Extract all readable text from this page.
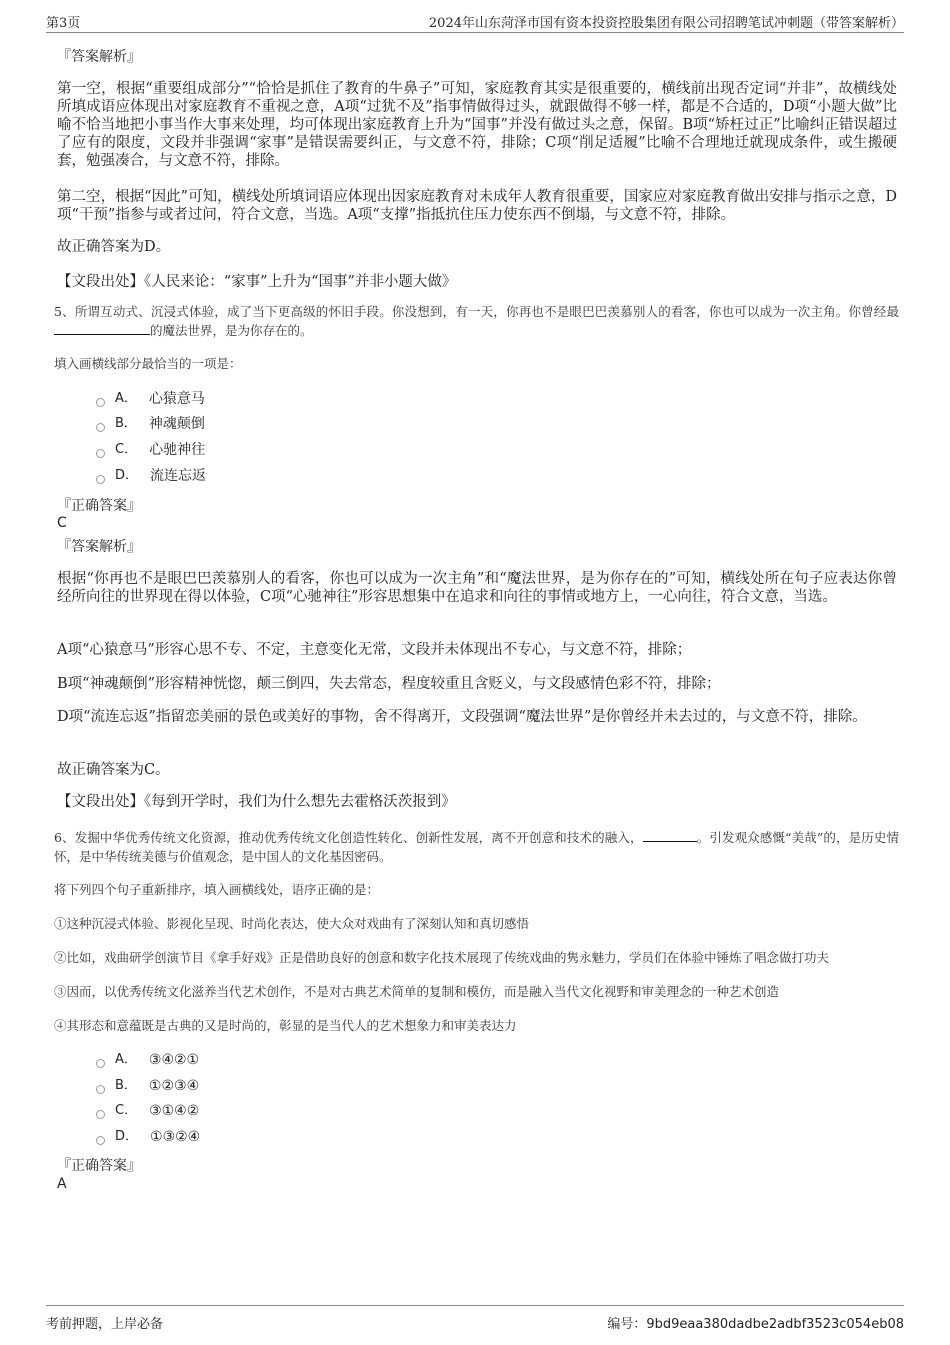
第3页	2024年山东菏泽市国有资本投资控股集团有限公司招聘笔试冲刺题（带答案解析）
『答案解析』
第一空，根据“重要组成部分”“恰恰是抓住了教育的牛鼻子”可知，家庭教育其实是很重要的，横线前出现否定词“并非”，故横线处所填成语应体现出对家庭教育不重视之意，A项“过犹不及”指事情做得过头，就跟做得不够一样，都是不合适的，D项“小题大做”比喻不恰当地把小事当作大事来处理，均可体现出家庭教育上升为“国事”并没有做过头之意，保留。B项“矫枉过正”比喻纠正错误超过了应有的限度，文段并非强调“家事”是错误需要纠正，与文意不符，排除；C项“削足适履”比喻不合理地迁就现成条件，或生搬硬套，勉强凑合，与文意不符，排除。
第二空，根据“因此”可知，横线处所填词语应体现出因家庭教育对未成年人教育很重要，国家应对家庭教育做出安排与指示之意，D项“干预”指参与或者过问，符合文意，当选。A项“支撑”指抵抗住压力使东西不倒塌，与文意不符，排除。
故正确答案为D。
【文段出处】《人民来论：“家事”上升为“国事”并非小题大做》
5、所谓互动式、沉浸式体验，成了当下更高级的怀旧手段。你没想到，有一天，你再也不是眼巴巴羡慕别人的看客，你也可以成为一次主角。你曾经最的魔法世界，是为你存在的。
填入画横线部分最恰当的一项是：
A． 心猿意马
B． 神魂颠倒
C． 心驰神往
D． 流连忘返
『正确答案』
C
『答案解析』
根据“你再也不是眼巴巴羡慕别人的看客，你也可以成为一次主角”和“魔法世界，是为你存在的”可知，横线处所在句子应表达你曾经所向往的世界现在得以体验，C项“心驰神往”形容思想集中在追求和向往的事情或地方上，一心向往，符合文意，当选。
A项“心猿意马”形容心思不专、不定，主意变化无常，文段并未体现出不专心，与文意不符，排除；
B项“神魂颠倒”形容精神恍惚，颠三倒四，失去常态，程度较重且含贬义，与文段感情色彩不符，排除；
D项“流连忘返”指留恋美丽的景色或美好的事物，舍不得离开，文段强调“魔法世界”是你曾经并未去过的，与文意不符，排除。
故正确答案为C。
【文段出处】《每到开学时，我们为什么想先去霍格沃茨报到》
6、发掘中华优秀传统文化资源，推动优秀传统文化创造性转化、创新性发展，离不开创意和技术的融入，	。引发观众感慨“美哉”的，是历史情怀，是中华传统美德与价值观念，是中国人的文化基因密码。
将下列四个句子重新排序，填入画横线处，语序正确的是：
①这种沉浸式体验、影视化呈现、时尚化表达，使大众对戏曲有了深刻认知和真切感悟
②比如，戏曲研学创演节目《拿手好戏》正是借助良好的创意和数字化技术展现了传统戏曲的隽永魅力，学员们在体验中锤炼了唱念做打功夫
③因而，以优秀传统文化滋养当代艺术创作，不是对古典艺术简单的复制和模仿，而是融入当代文化视野和审美理念的一种艺术创造
④其形态和意蕴既是古典的又是时尚的，彰显的是当代人的艺术想象力和审美表达力
A． ③④②①
B． ①②③④
C． ③①④②
D． ①③②④
『正确答案』
A
考前押题，上岸必备	编号：9bd9eaa380dadbe2adbf3523c054eb08
